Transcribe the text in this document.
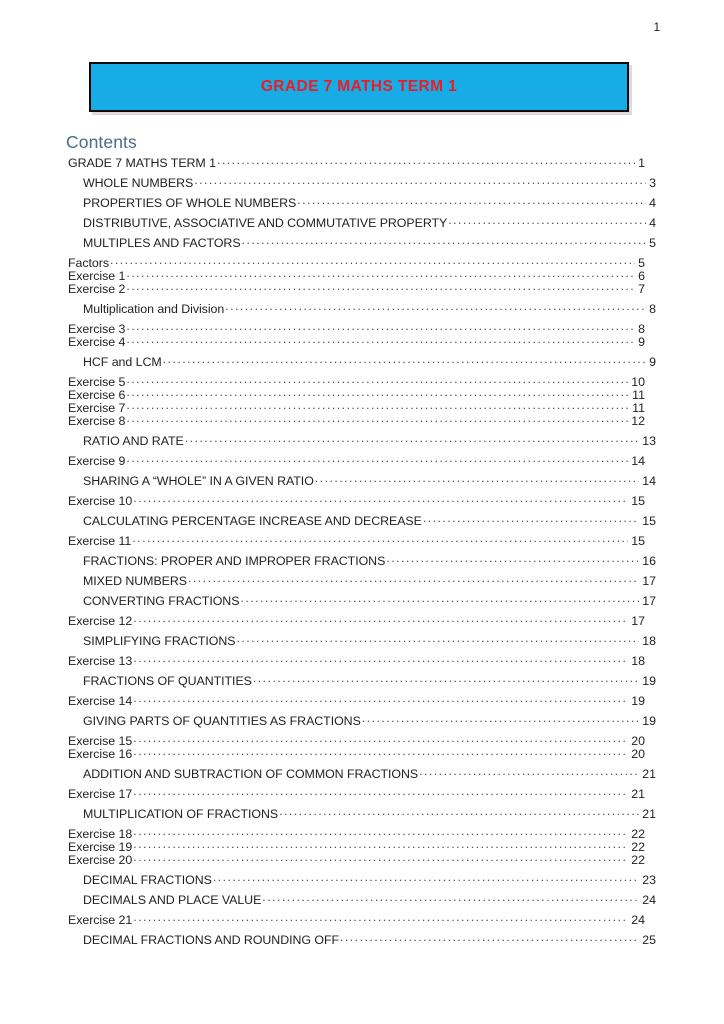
1
GRADE 7 MATHS TERM 1
Contents
GRADE 7 MATHS TERM 1 .....	1
WHOLE NUMBERS .....	3
PROPERTIES OF WHOLE NUMBERS .....	4
DISTRIBUTIVE, ASSOCIATIVE AND COMMUTATIVE PROPERTY .....	4
MULTIPLES AND FACTORS .....	5
Factors .....	5
Exercise 1 .....	6
Exercise 2 .....	7
Multiplication and Division .....	8
Exercise 3 .....	8
Exercise 4 .....	9
HCF and LCM .....	9
Exercise 5 .....	10
Exercise 6 .....	11
Exercise 7 .....	11
Exercise 8 .....	12
RATIO AND RATE .....	13
Exercise 9 .....	14
SHARING A “WHOLE” IN A GIVEN RATIO .....	14
Exercise 10 .....	15
CALCULATING PERCENTAGE INCREASE AND DECREASE .....	15
Exercise 11 .....	15
FRACTIONS: PROPER AND IMPROPER FRACTIONS .....	16
MIXED NUMBERS .....	17
CONVERTING FRACTIONS .....	17
Exercise 12 .....	17
SIMPLIFYING FRACTIONS .....	18
Exercise 13 .....	18
FRACTIONS OF QUANTITIES .....	19
Exercise 14 .....	19
GIVING PARTS OF QUANTITIES AS FRACTIONS .....	19
Exercise 15 .....	20
Exercise 16 .....	20
ADDITION AND SUBTRACTION OF COMMON FRACTIONS .....	21
Exercise 17 .....	21
MULTIPLICATION OF FRACTIONS .....	21
Exercise 18 .....	22
Exercise 19 .....	22
Exercise 20 .....	22
DECIMAL FRACTIONS .....	23
DECIMALS AND PLACE VALUE .....	24
Exercise 21 .....	24
DECIMAL FRACTIONS AND ROUNDING OFF .....	25
